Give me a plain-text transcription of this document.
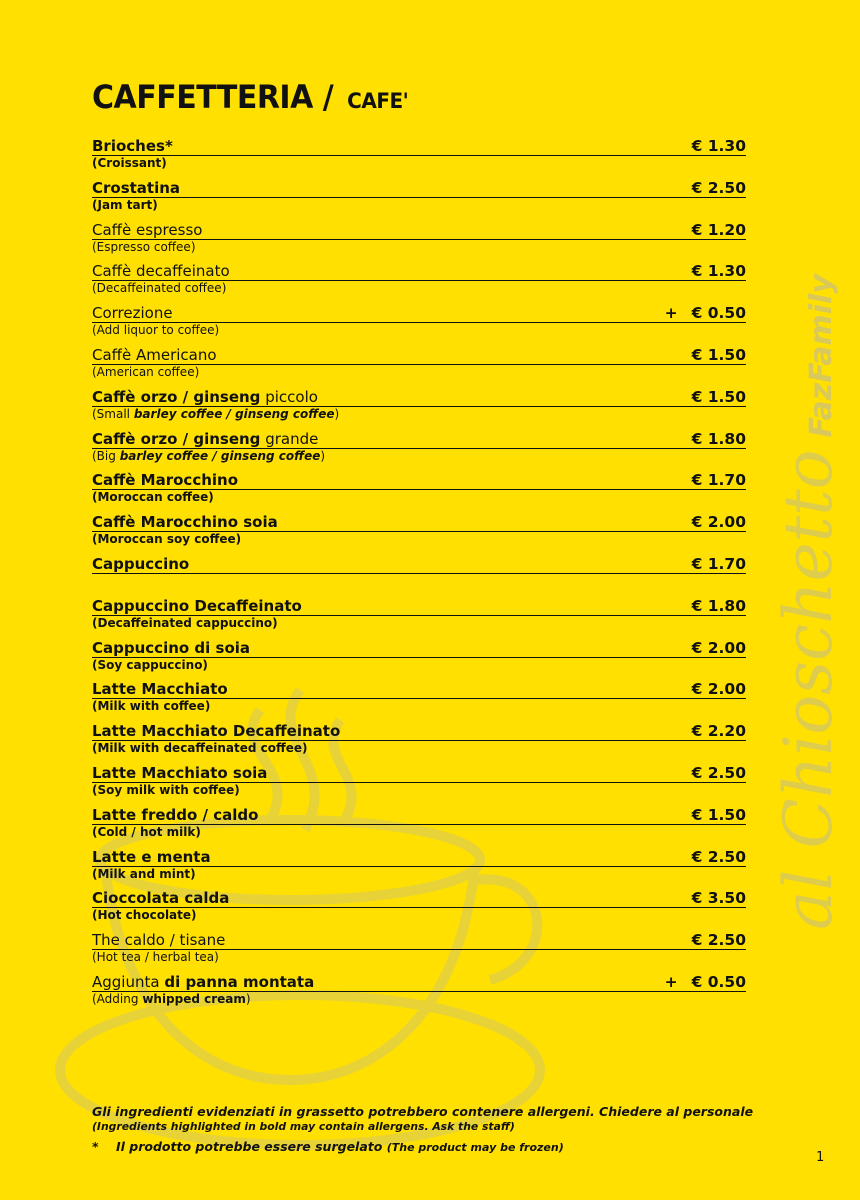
al ChioschettoFazFamily
CAFFETTERIA / CAFE'
Brioches*	€ 1.30
(Croissant)
Crostatina	€ 2.50
(Jam tart)
Caffè espresso	€ 1.20
(Espresso coffee)
Caffè decaffeinato	€ 1.30
(Decaffeinated coffee)
Correzione	+ € 0.50
(Add liquor to coffee)
Caffè Americano	€ 1.50
(American coffee)
Caffè orzo / ginseng piccolo	€ 1.50
(Small barley coffee / ginseng coffee)
Caffè orzo / ginseng grande	€ 1.80
(Big barley coffee / ginseng coffee)
Caffè Marocchino	€ 1.70
(Moroccan coffee)
Caffè Marocchino soia	€ 2.00
(Moroccan soy coffee)
Cappuccino	€ 1.70
Cappuccino Decaffeinato	€ 1.80
(Decaffeinated cappuccino)
Cappuccino di soia	€ 2.00
(Soy cappuccino)
Latte Macchiato	€ 2.00
(Milk with coffee)
Latte Macchiato Decaffeinato	€ 2.20
(Milk with decaffeinated coffee)
Latte Macchiato soia	€ 2.50
(Soy milk with coffee)
Latte freddo / caldo	€ 1.50
(Cold / hot milk)
Latte e menta	€ 2.50
(Milk and mint)
Cioccolata calda	€ 3.50
(Hot chocolate)
The caldo / tisane	€ 2.50
(Hot tea / herbal tea)
Aggiunta di panna montata	+ € 0.50
(Adding whipped cream)
Gli ingredienti evidenziati in grassetto potrebbero contenere allergeni. Chiedere al personale
(Ingredients highlighted in bold may contain allergens. Ask the staff)
* Il prodotto potrebbe essere surgelato (The product may be frozen)
1
